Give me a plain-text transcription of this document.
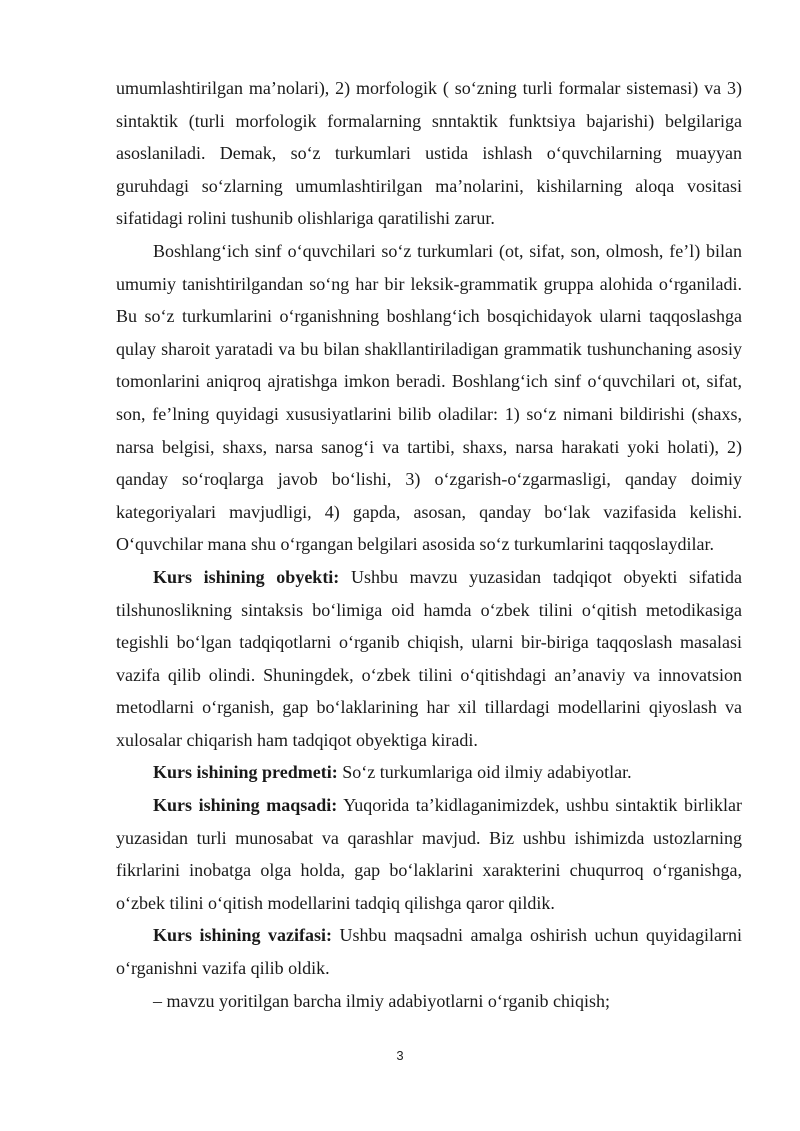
umumlashtirilgan ma’nolari), 2) morfologik ( so‘zning turli formalar sistemasi) va 3) sintaktik (turli morfologik formalarning snntaktik funktsiya bajarishi) belgilariga asoslaniladi. Demak, so‘z turkumlari ustida ishlash o‘quvchilarning muayyan guruhdagi so‘zlarning umumlashtirilgan ma’nolarini, kishilarning aloqa vositasi sifatidagi rolini tushunib olishlariga qaratilishi zarur.

Boshlang‘ich sinf o‘quvchilari so‘z turkumlari (ot, sifat, son, olmosh, fe’l) bilan umumiy tanishtirilgandan so‘ng har bir leksik-grammatik gruppa alohida o‘rganiladi. Bu so‘z turkumlarini o‘rganishning boshlang‘ich bosqichidayok ularni taqqoslashga qulay sharoit yaratadi va bu bilan shakllantiriladigan grammatik tushunchaning asosiy tomonlarini aniqroq ajratishga imkon beradi. Boshlang‘ich sinf o‘quvchilari ot, sifat, son, fe’lning quyidagi xususiyatlarini bilib oladilar: 1) so‘z nimani bildirishi (shaxs, narsa belgisi, shaxs, narsa sanog‘i va tartibi, shaxs, narsa harakati yoki holati), 2) qanday so‘roqlarga javob bo‘lishi, 3) o‘zgarish-o‘zgarmasligi, qanday doimiy kategoriyalari mavjudligi, 4) gapda, asosan, qanday bo‘lak vazifasida kelishi. O‘quvchilar mana shu o‘rgangan belgilari asosida so‘z turkumlarini taqqoslaydilar.

Kurs ishining obyekti: Ushbu mavzu yuzasidan tadqiqot obyekti sifatida tilshunoslikning sintaksis bo‘limiga oid hamda o‘zbek tilini o‘qitish metodikasiga tegishli bo‘lgan tadqiqotlarni o‘rganib chiqish, ularni bir-biriga taqqoslash masalasi vazifa qilib olindi. Shuningdek, o‘zbek tilini o‘qitishdagi an’anaviy va innovatsion metodlarni o‘rganish, gap bo‘laklarining har xil tillardagi modellarini qiyoslash va xulosalar chiqarish ham tadqiqot obyektiga kiradi.

Kurs ishining predmeti: So‘z turkumlariga oid ilmiy adabiyotlar.

Kurs ishining maqsadi: Yuqorida ta’kidlaganimizdek, ushbu sintaktik birliklar yuzasidan turli munosabat va qarashlar mavjud. Biz ushbu ishimizda ustozlarning fikrlarini inobatga olga holda, gap bo‘laklarini xarakterini chuqurroq o‘rganishga, o‘zbek tilini o‘qitish modellarini tadqiq qilishga qaror qildik.

Kurs ishining vazifasi: Ushbu maqsadni amalga oshirish uchun quyidagilarni o‘rganishni vazifa qilib oldik.

– mavzu yoritilgan barcha ilmiy adabiyotlarni o‘rganib chiqish;

3
